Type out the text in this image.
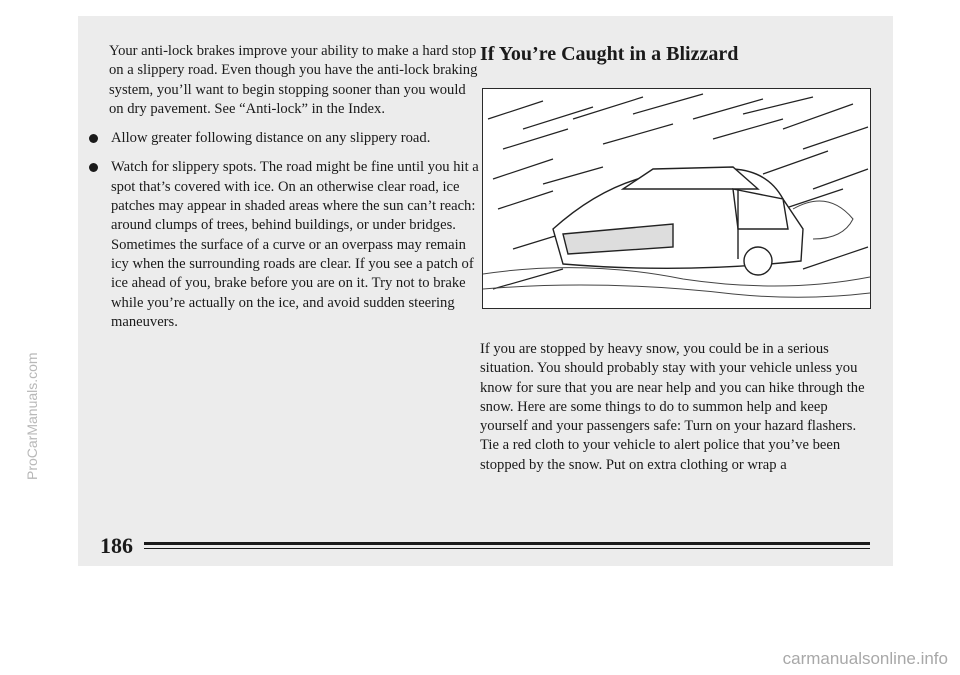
Your anti-lock brakes improve your ability to make a hard stop on a slippery road. Even though you have the anti-lock braking system, you’ll want to begin stopping sooner than you would on dry pavement. See “Anti-lock” in the Index.

Allow greater following distance on any slippery road.
Watch for slippery spots. The road might be fine until you hit a spot that’s covered with ice. On an otherwise clear road, ice patches may appear in shaded areas where the sun can’t reach: around clumps of trees, behind buildings, or under bridges. Sometimes the surface of a curve or an overpass may remain icy when the surrounding roads are clear. If you see a patch of ice ahead of you, brake before you are on it. Try not to brake while you’re actually on the ice, and avoid sudden steering maneuvers.
If You’re Caught in a Blizzard

If you are stopped by heavy snow, you could be in a serious situation. You should probably stay with your vehicle unless you know for sure that you are near help and you can hike through the snow. Here are some things to do to summon help and keep yourself and your passengers safe: Turn on your hazard flashers. Tie a red cloth to your vehicle to alert police that you’ve been stopped by the snow. Put on extra clothing or wrap a

186
ProCarManuals.com
carmanualsonline.info
